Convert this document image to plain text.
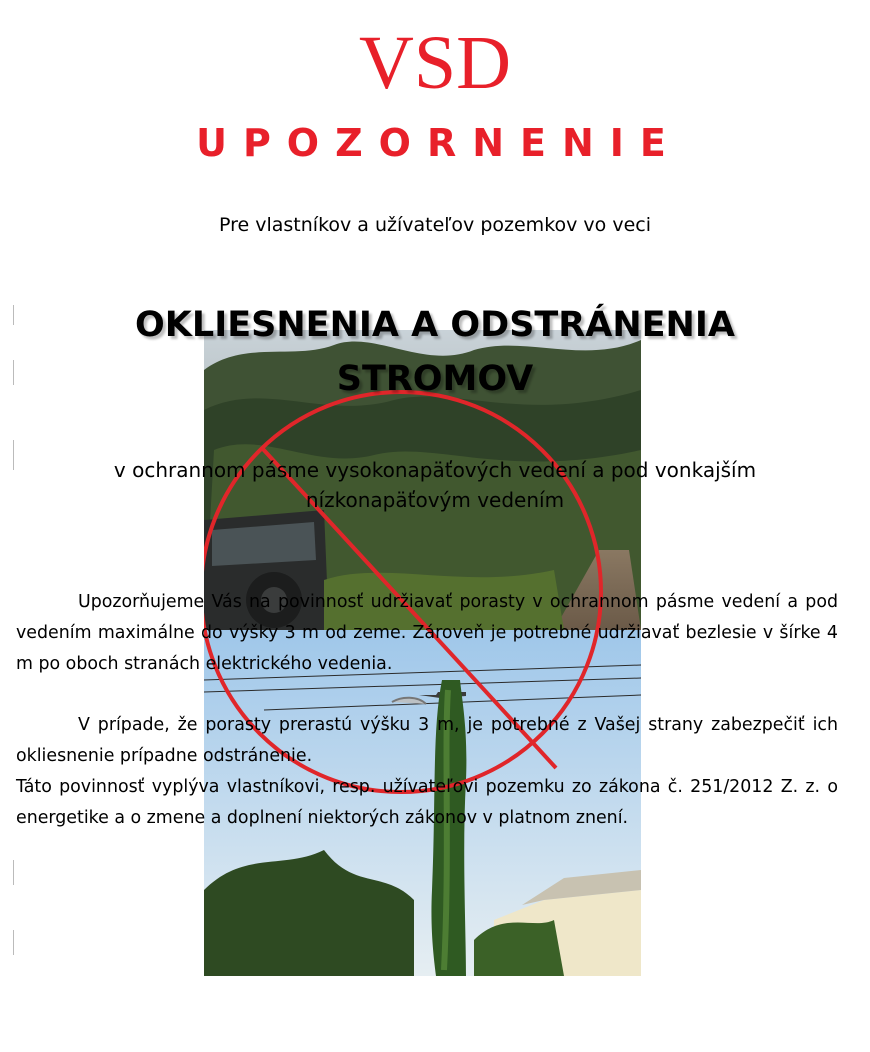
VSD
UPOZORNENIE
Pre vlastníkov a užívateľov pozemkov vo veci
OKLIESNENIA A ODSTRÁNENIA
STROMOV
v ochrannom pásme vysokonapäťových vedení a pod vonkajším nízkonapäťovým vedením
Upozorňujeme Vás na povinnosť udržiavať porasty v ochrannom pásme vedení a pod vedením maximálne do výšky 3 m od zeme. Zároveň je potrebné udržiavať bezlesie v šírke 4 m po oboch stranách elektrického vedenia.
V prípade, že porasty prerastú výšku 3 m, je potrebné z Vašej strany zabezpečiť ich okliesnenie prípadne odstránenie.
Táto povinnosť vyplýva vlastníkovi, resp. užívateľovi pozemku zo zákona č. 251/2012 Z. z. o energetike a o zmene a doplnení niektorých zákonov v platnom znení.
